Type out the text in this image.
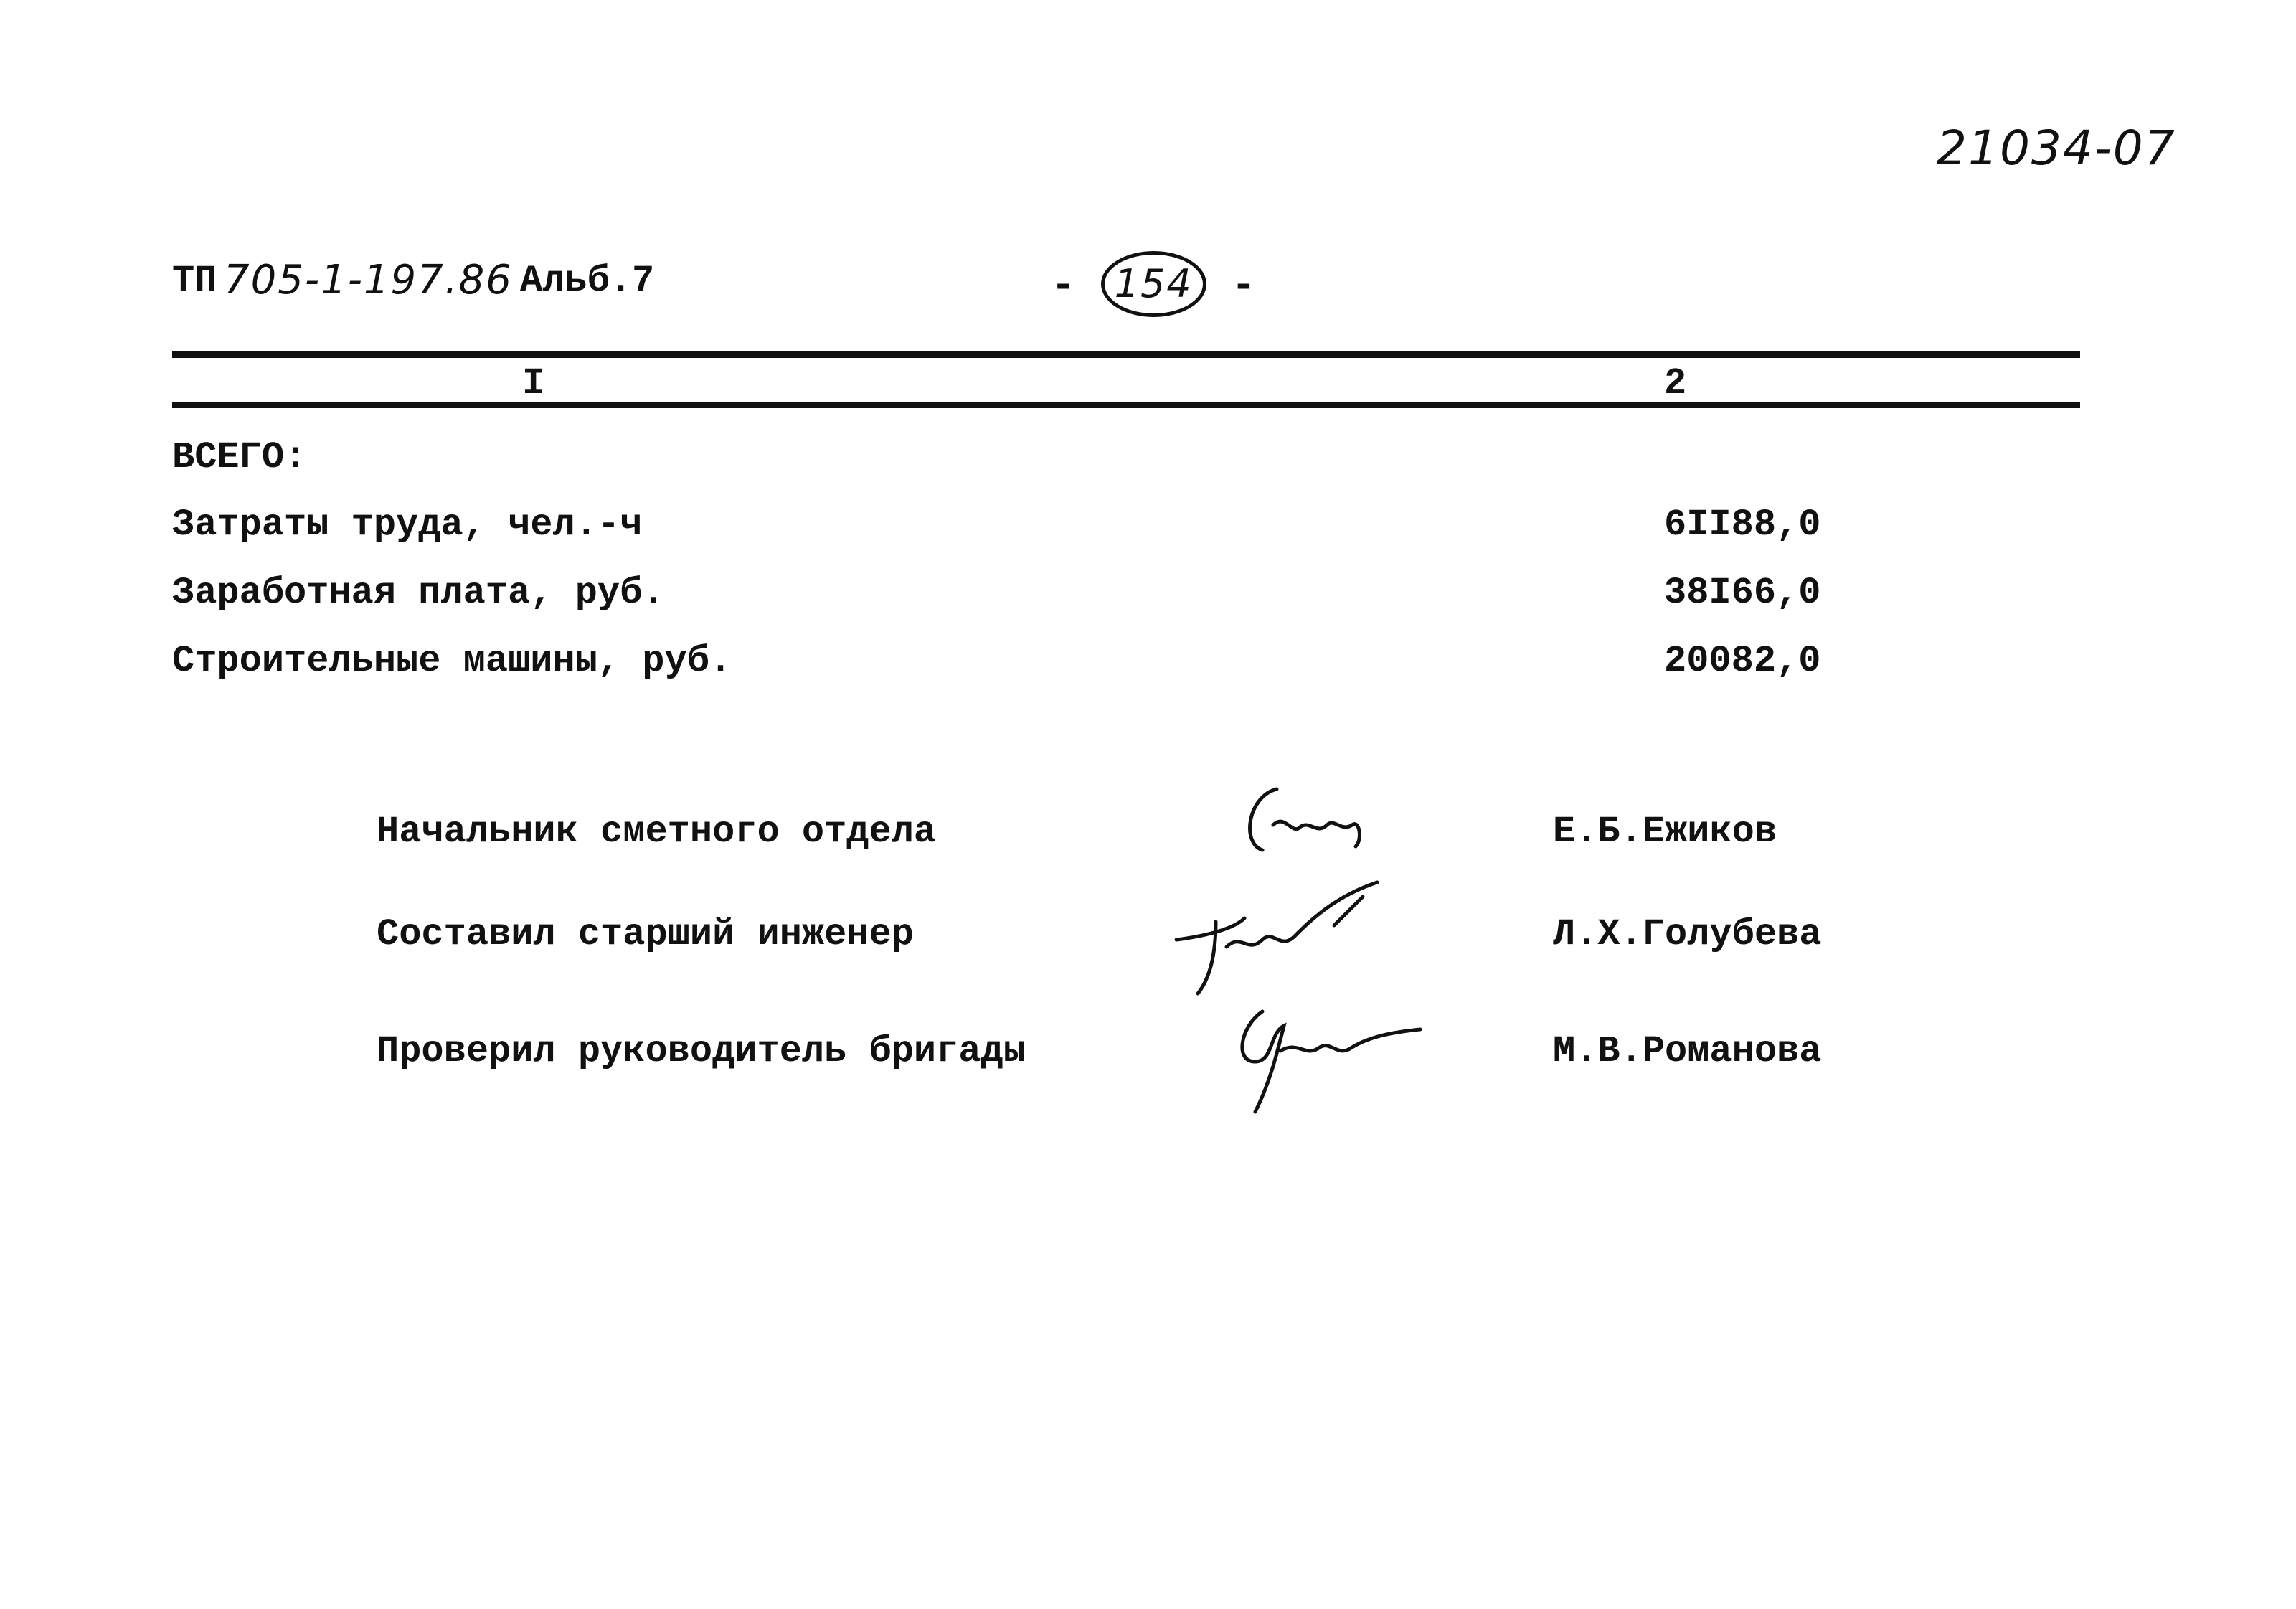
21034-07
ТП 705-1-197.86 Альб.7	- 154 -
I	2
ВСЕГО:
Затраты труда, чел.-ч	6II88,0
Заработная плата, руб.	38I66,0
Строительные машины, руб.	20082,0
Начальник сметного отдела	Е.Б.Ежиков
Составил старший инженер	Л.Х.Голубева
Проверил руководитель бригады	М.В.Романова
